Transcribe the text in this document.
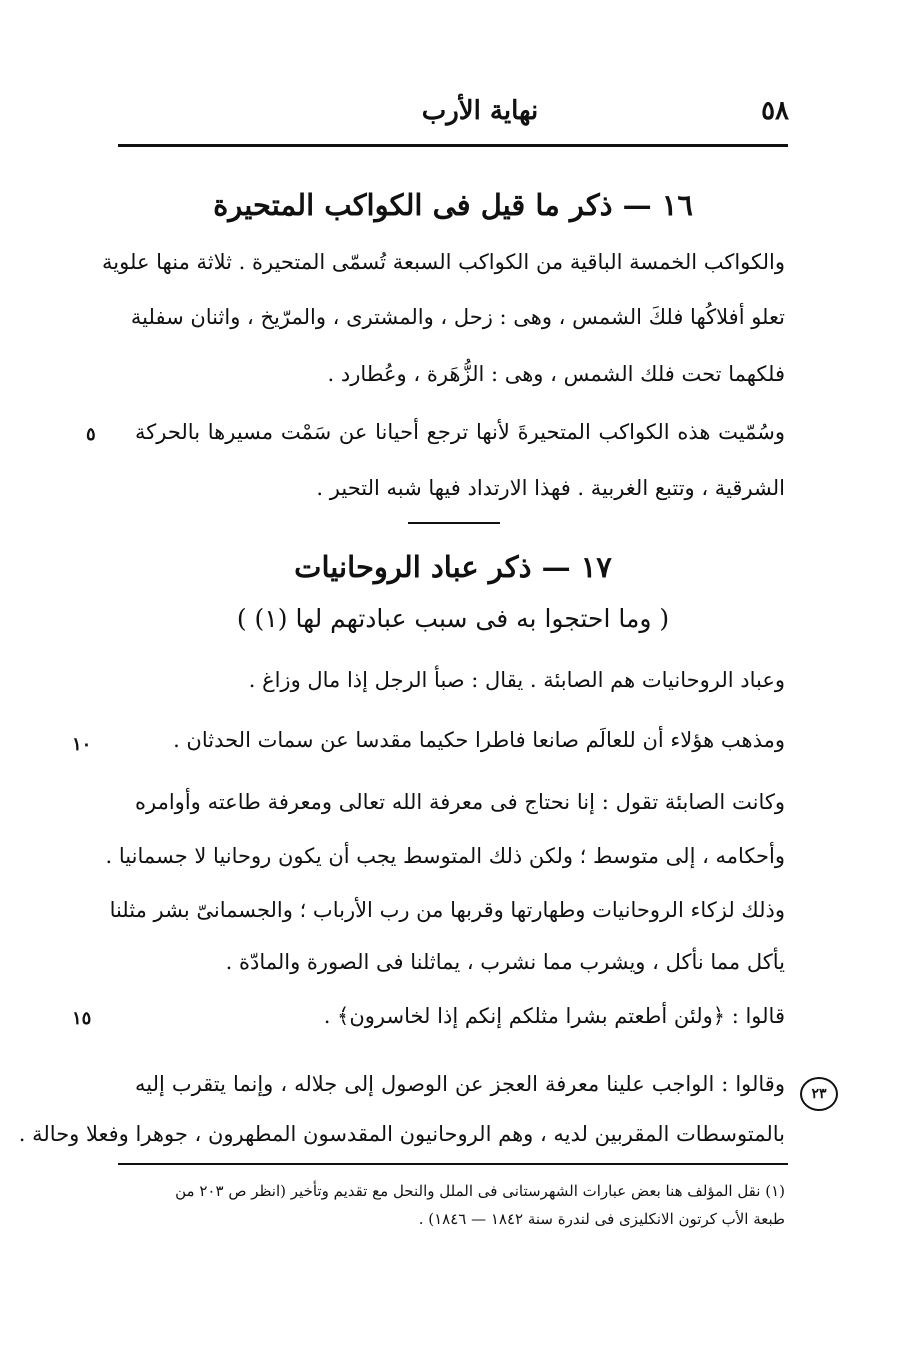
نهاية الأرب	٥٨
١٦ — ذكر ما قيل فى الكواكب المتحيرة
والكواكب الخمسة الباقية من الكواكب السبعة تُسمّى المتحيرة . ثلاثة منها علوية
تعلو أفلاكُها فلكَ الشمس ، وهى : زحل ، والمشترى ، والمرّيخ ، واثنان سفلية
فلكهما تحت فلك الشمس ، وهى : الزُّهَرة ، وعُطارد .
وسُمّيت هذه الكواكب المتحيرةَ لأنها ترجع أحيانا عن سَمْت مسيرها بالحركة
٥
الشرقية ، وتتبع الغربية . فهذا الارتداد فيها شبه التحير .
١٧ — ذكر عباد الروحانيات
( وما احتجوا به فى سبب عبادتهم لها (١) )
وعباد الروحانيات هم الصابئة . يقال : صبأ الرجل إذا مال وزاغ .
ومذهب هؤلاء أن للعالَم صانعا فاطرا حكيما مقدسا عن سمات الحدثان .
١٠
وكانت الصابئة تقول : إنا نحتاج فى معرفة الله تعالى ومعرفة طاعته وأوامره
وأحكامه ، إلى متوسط ؛ ولكن ذلك المتوسط يجب أن يكون روحانيا لا جسمانيا .
وذلك لزكاء الروحانيات وطهارتها وقربها من رب الأرباب ؛ والجسمانىّ بشر مثلنا
يأكل مما نأكل ، ويشرب مما نشرب ، يماثلنا فى الصورة والمادّة .
قالوا : ﴿ولئن أطعتم بشرا مثلكم إنكم إذا لخاسرون﴾ .
١٥
وقالوا : الواجب علينا معرفة العجز عن الوصول إلى جلاله ، وإنما يتقرب إليه
بالمتوسطات المقربين لديه ، وهم الروحانيون المقدسون المطهرون ، جوهرا وفعلا وحالة .
٢٣
(١) نقل المؤلف هنا بعض عبارات الشهرستانى فى الملل والنحل مع تقديم وتأخير (انظر ص ٢٠٣ من
طبعة الأب كرتون الانكليزى فى لندرة سنة ١٨٤٢ — ١٨٤٦) .
